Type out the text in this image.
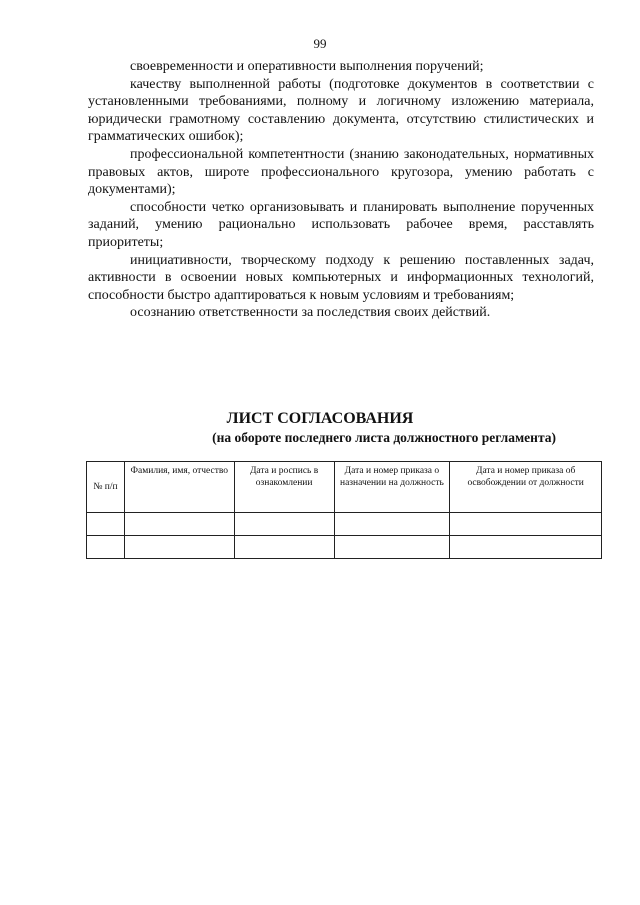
99

своевременности и оперативности выполнения поручений;

качеству выполненной работы (подготовке документов в соответствии с установленными требованиями, полному и логичному изложению материала, юридически грамотному составлению документа, отсутствию стилистических и грамматических ошибок);

профессиональной компетентности (знанию законодательных, нормативных правовых актов, широте профессионального кругозора, умению работать с документами);

способности четко организовывать и планировать выполнение порученных заданий, умению рационально использовать рабочее время, расставлять приоритеты;

инициативности, творческому подходу к решению поставленных задач, активности в освоении новых компьютерных и информационных технологий, способности быстро адаптироваться к новым условиям и требованиям;

осознанию ответственности за последствия своих действий.

ЛИСТ СОГЛАСОВАНИЯ
(на обороте последнего листа должностного регламента)
№ п/п	Фамилия, имя, отчество	Дата и роспись в ознакомлении	Дата и номер приказа о назначении на должность	Дата и номер приказа об освобождении от должности
